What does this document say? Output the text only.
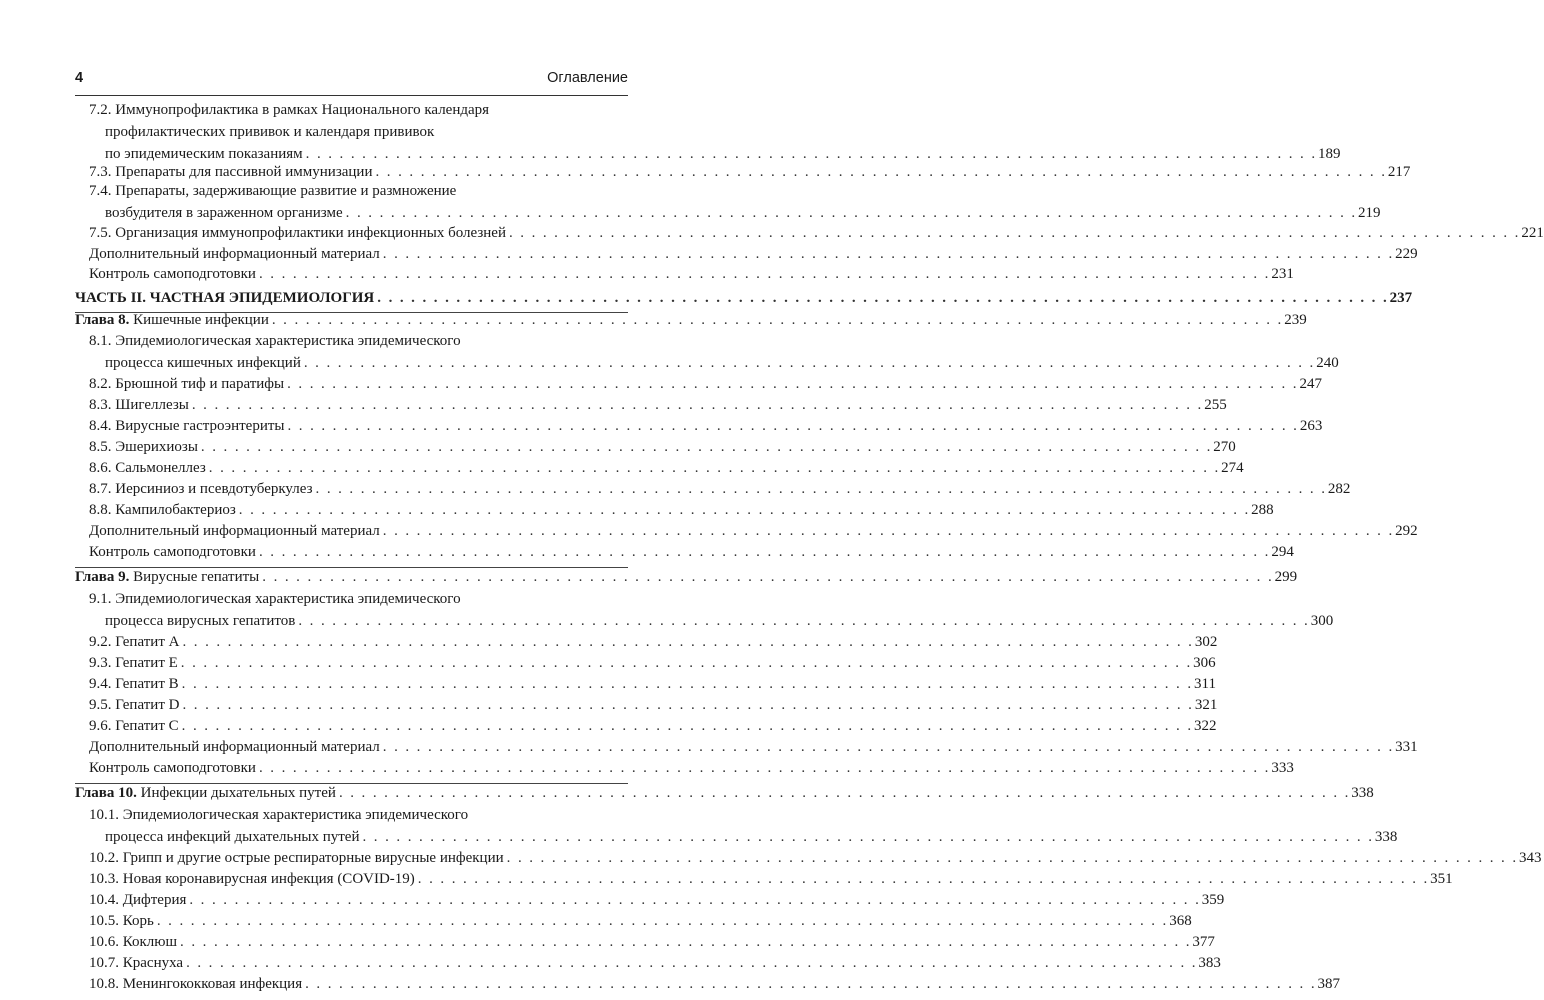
4	Оглавление
7.2. Иммунопрофилактика в рамках Национального календаря
профилактических прививок и календаря прививок
по эпидемическим показаниям . . . . . . . . . . . . . . . . . . . . . . . . . . . . . . . . . . . . . . . . . . . . . . . . . . . . . . . . . . . . . . . . . . . . . . . . . . . . . . . . . . . . . . . . . . 189
7.3. Препараты для пассивной иммунизации . . . . . . . . . . . . . . . . . . . . . . . . . . . . . . . . . . . . . . . . . . . . . . . . . . . . . . . . . . . . . . . . . . . . . . . . . . . . . . . . . . . . . . . . . . 217
7.4. Препараты, задерживающие развитие и размножение
возбудителя в зараженном организме . . . . . . . . . . . . . . . . . . . . . . . . . . . . . . . . . . . . . . . . . . . . . . . . . . . . . . . . . . . . . . . . . . . . . . . . . . . . . . . . . . . . . . . . . . 219
7.5. Организация иммунопрофилактики инфекционных болезней . . . . . . . . . . . . . . . . . . . . . . . . . . . . . . . . . . . . . . . . . . . . . . . . . . . . . . . . . . . . . . . . . . . . . . . . . . . . . . . . . . . . . . . . . . 221
Дополнительный информационный материал . . . . . . . . . . . . . . . . . . . . . . . . . . . . . . . . . . . . . . . . . . . . . . . . . . . . . . . . . . . . . . . . . . . . . . . . . . . . . . . . . . . . . . . . . . 229
Контроль самоподготовки . . . . . . . . . . . . . . . . . . . . . . . . . . . . . . . . . . . . . . . . . . . . . . . . . . . . . . . . . . . . . . . . . . . . . . . . . . . . . . . . . . . . . . . . . . 231
ЧАСТЬ II. ЧАСТНАЯ ЭПИДЕМИОЛОГИЯ . . . . . . . . . . . . . . . . . . . . . . . . . . . . . . . . . . . . . . . . . . . . . . . . . . . . . . . . . . . . . . . . . . . . . . . . . . . . . . . . . . . . . . . . . . 237
Глава 8. Кишечные инфекции . . . . . . . . . . . . . . . . . . . . . . . . . . . . . . . . . . . . . . . . . . . . . . . . . . . . . . . . . . . . . . . . . . . . . . . . . . . . . . . . . . . . . . . . . . 239
8.1. Эпидемиологическая характеристика эпидемического
процесса кишечных инфекций . . . . . . . . . . . . . . . . . . . . . . . . . . . . . . . . . . . . . . . . . . . . . . . . . . . . . . . . . . . . . . . . . . . . . . . . . . . . . . . . . . . . . . . . . . 240
8.2. Брюшной тиф и паратифы . . . . . . . . . . . . . . . . . . . . . . . . . . . . . . . . . . . . . . . . . . . . . . . . . . . . . . . . . . . . . . . . . . . . . . . . . . . . . . . . . . . . . . . . . . 247
8.3. Шигеллезы . . . . . . . . . . . . . . . . . . . . . . . . . . . . . . . . . . . . . . . . . . . . . . . . . . . . . . . . . . . . . . . . . . . . . . . . . . . . . . . . . . . . . . . . . . 255
8.4. Вирусные гастроэнтериты . . . . . . . . . . . . . . . . . . . . . . . . . . . . . . . . . . . . . . . . . . . . . . . . . . . . . . . . . . . . . . . . . . . . . . . . . . . . . . . . . . . . . . . . . . 263
8.5. Эшерихиозы . . . . . . . . . . . . . . . . . . . . . . . . . . . . . . . . . . . . . . . . . . . . . . . . . . . . . . . . . . . . . . . . . . . . . . . . . . . . . . . . . . . . . . . . . . 270
8.6. Сальмонеллез . . . . . . . . . . . . . . . . . . . . . . . . . . . . . . . . . . . . . . . . . . . . . . . . . . . . . . . . . . . . . . . . . . . . . . . . . . . . . . . . . . . . . . . . . . 274
8.7. Иерсиниоз и псевдотуберкулез . . . . . . . . . . . . . . . . . . . . . . . . . . . . . . . . . . . . . . . . . . . . . . . . . . . . . . . . . . . . . . . . . . . . . . . . . . . . . . . . . . . . . . . . . . 282
8.8. Кампилобактериоз . . . . . . . . . . . . . . . . . . . . . . . . . . . . . . . . . . . . . . . . . . . . . . . . . . . . . . . . . . . . . . . . . . . . . . . . . . . . . . . . . . . . . . . . . . 288
Дополнительный информационный материал . . . . . . . . . . . . . . . . . . . . . . . . . . . . . . . . . . . . . . . . . . . . . . . . . . . . . . . . . . . . . . . . . . . . . . . . . . . . . . . . . . . . . . . . . . 292
Контроль самоподготовки . . . . . . . . . . . . . . . . . . . . . . . . . . . . . . . . . . . . . . . . . . . . . . . . . . . . . . . . . . . . . . . . . . . . . . . . . . . . . . . . . . . . . . . . . . 294
Глава 9. Вирусные гепатиты . . . . . . . . . . . . . . . . . . . . . . . . . . . . . . . . . . . . . . . . . . . . . . . . . . . . . . . . . . . . . . . . . . . . . . . . . . . . . . . . . . . . . . . . . . 299
9.1. Эпидемиологическая характеристика эпидемического
процесса вирусных гепатитов . . . . . . . . . . . . . . . . . . . . . . . . . . . . . . . . . . . . . . . . . . . . . . . . . . . . . . . . . . . . . . . . . . . . . . . . . . . . . . . . . . . . . . . . . . 300
9.2. Гепатит A . . . . . . . . . . . . . . . . . . . . . . . . . . . . . . . . . . . . . . . . . . . . . . . . . . . . . . . . . . . . . . . . . . . . . . . . . . . . . . . . . . . . . . . . . . 302
9.3. Гепатит E . . . . . . . . . . . . . . . . . . . . . . . . . . . . . . . . . . . . . . . . . . . . . . . . . . . . . . . . . . . . . . . . . . . . . . . . . . . . . . . . . . . . . . . . . . 306
9.4. Гепатит B . . . . . . . . . . . . . . . . . . . . . . . . . . . . . . . . . . . . . . . . . . . . . . . . . . . . . . . . . . . . . . . . . . . . . . . . . . . . . . . . . . . . . . . . . . 311
9.5. Гепатит D . . . . . . . . . . . . . . . . . . . . . . . . . . . . . . . . . . . . . . . . . . . . . . . . . . . . . . . . . . . . . . . . . . . . . . . . . . . . . . . . . . . . . . . . . . 321
9.6. Гепатит C . . . . . . . . . . . . . . . . . . . . . . . . . . . . . . . . . . . . . . . . . . . . . . . . . . . . . . . . . . . . . . . . . . . . . . . . . . . . . . . . . . . . . . . . . . 322
Дополнительный информационный материал . . . . . . . . . . . . . . . . . . . . . . . . . . . . . . . . . . . . . . . . . . . . . . . . . . . . . . . . . . . . . . . . . . . . . . . . . . . . . . . . . . . . . . . . . . 331
Контроль самоподготовки . . . . . . . . . . . . . . . . . . . . . . . . . . . . . . . . . . . . . . . . . . . . . . . . . . . . . . . . . . . . . . . . . . . . . . . . . . . . . . . . . . . . . . . . . . 333
Глава 10. Инфекции дыхательных путей . . . . . . . . . . . . . . . . . . . . . . . . . . . . . . . . . . . . . . . . . . . . . . . . . . . . . . . . . . . . . . . . . . . . . . . . . . . . . . . . . . . . . . . . . . 338
10.1. Эпидемиологическая характеристика эпидемического
процесса инфекций дыхательных путей . . . . . . . . . . . . . . . . . . . . . . . . . . . . . . . . . . . . . . . . . . . . . . . . . . . . . . . . . . . . . . . . . . . . . . . . . . . . . . . . . . . . . . . . . . 338
10.2. Грипп и другие острые респираторные вирусные инфекции . . . . . . . . . . . . . . . . . . . . . . . . . . . . . . . . . . . . . . . . . . . . . . . . . . . . . . . . . . . . . . . . . . . . . . . . . . . . . . . . . . . . . . . . . . 343
10.3. Новая коронавирусная инфекция (COVID-19) . . . . . . . . . . . . . . . . . . . . . . . . . . . . . . . . . . . . . . . . . . . . . . . . . . . . . . . . . . . . . . . . . . . . . . . . . . . . . . . . . . . . . . . . . . 351
10.4. Дифтерия . . . . . . . . . . . . . . . . . . . . . . . . . . . . . . . . . . . . . . . . . . . . . . . . . . . . . . . . . . . . . . . . . . . . . . . . . . . . . . . . . . . . . . . . . . 359
10.5. Корь . . . . . . . . . . . . . . . . . . . . . . . . . . . . . . . . . . . . . . . . . . . . . . . . . . . . . . . . . . . . . . . . . . . . . . . . . . . . . . . . . . . . . . . . . . 368
10.6. Коклюш . . . . . . . . . . . . . . . . . . . . . . . . . . . . . . . . . . . . . . . . . . . . . . . . . . . . . . . . . . . . . . . . . . . . . . . . . . . . . . . . . . . . . . . . . . 377
10.7. Краснуха . . . . . . . . . . . . . . . . . . . . . . . . . . . . . . . . . . . . . . . . . . . . . . . . . . . . . . . . . . . . . . . . . . . . . . . . . . . . . . . . . . . . . . . . . . 383
10.8. Менингококковая инфекция . . . . . . . . . . . . . . . . . . . . . . . . . . . . . . . . . . . . . . . . . . . . . . . . . . . . . . . . . . . . . . . . . . . . . . . . . . . . . . . . . . . . . . . . . . 387
